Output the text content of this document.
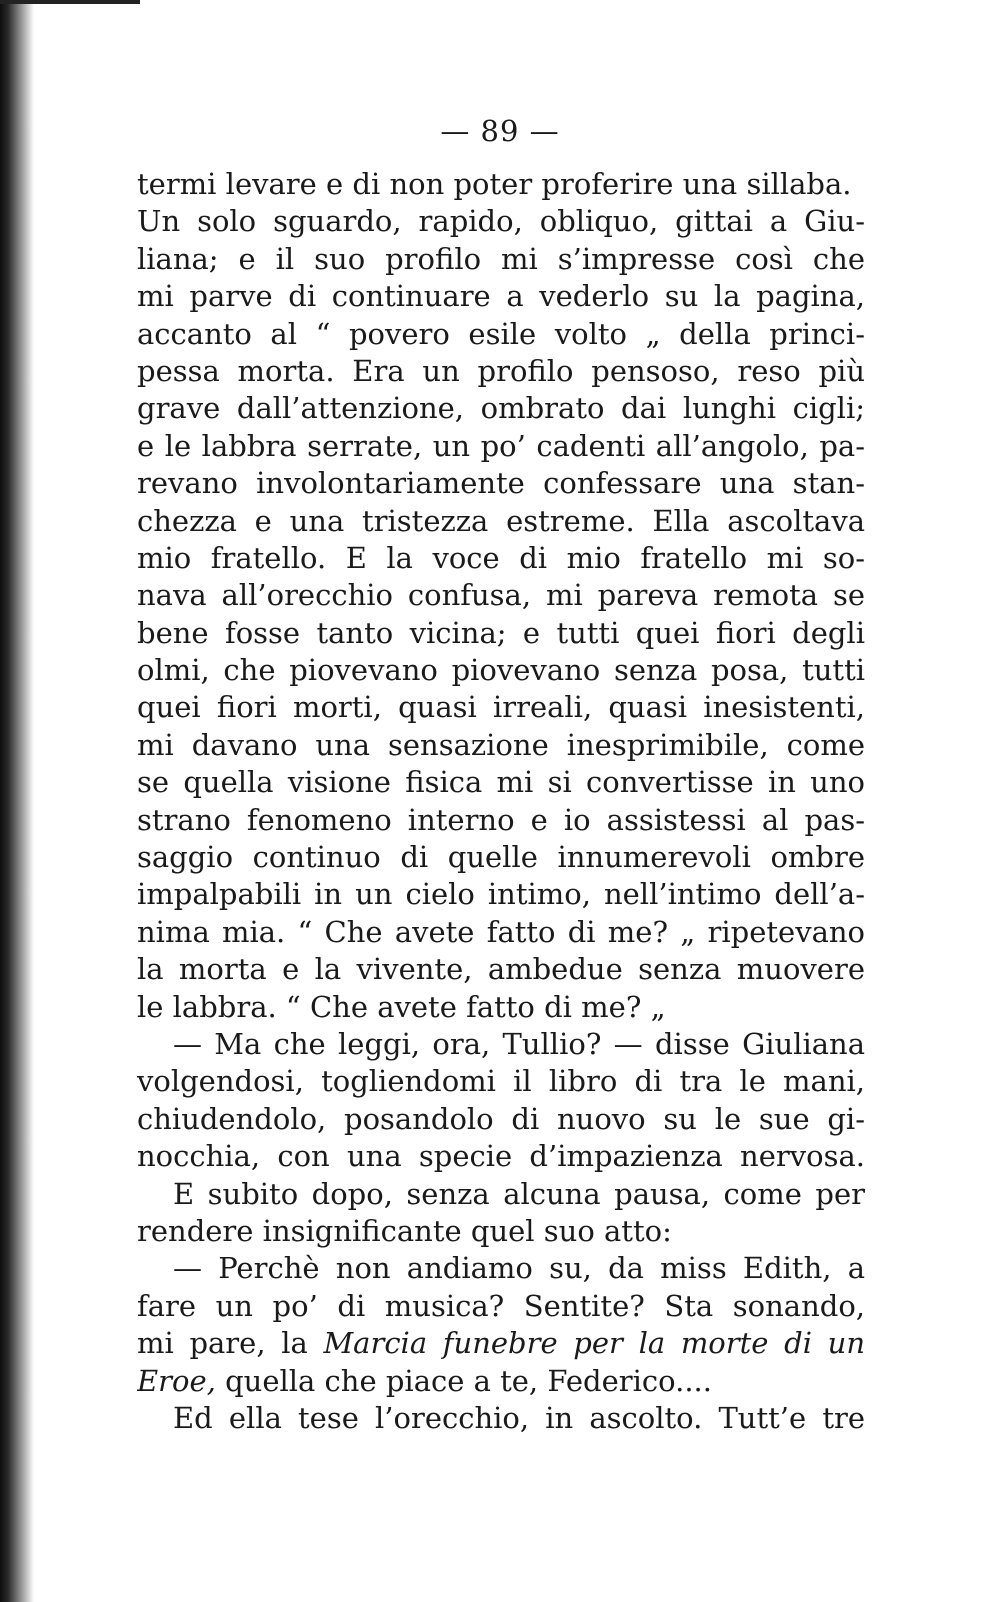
— 89 —
termi levare e di non poter proferire una sillaba.
Un solo sguardo, rapido, obliquo, gittai a Giu-
liana; e il suo profilo mi s’impresse così che
mi parve di continuare a vederlo su la pagina,
accanto al “ povero esile volto „ della princi-
pessa morta. Era un profilo pensoso, reso più
grave dall’attenzione, ombrato dai lunghi cigli;
e le labbra serrate, un po’ cadenti all’angolo, pa-
revano involontariamente confessare una stan-
chezza e una tristezza estreme. Ella ascoltava
mio fratello. E la voce di mio fratello mi so-
nava all’orecchio confusa, mi pareva remota se
bene fosse tanto vicina; e tutti quei fiori degli
olmi, che piovevano piovevano senza posa, tutti
quei fiori morti, quasi irreali, quasi inesistenti,
mi davano una sensazione inesprimibile, come
se quella visione fisica mi si convertisse in uno
strano fenomeno interno e io assistessi al pas-
saggio continuo di quelle innumerevoli ombre
impalpabili in un cielo intimo, nell’intimo dell’a-
nima mia. “ Che avete fatto di me? „ ripetevano
la morta e la vivente, ambedue senza muovere
le labbra. “ Che avete fatto di me? „
— Ma che leggi, ora, Tullio? — disse Giuliana
volgendosi, togliendomi il libro di tra le mani,
chiudendolo, posandolo di nuovo su le sue gi-
nocchia, con una specie d’impazienza nervosa.
E subito dopo, senza alcuna pausa, come per
rendere insignificante quel suo atto:
— Perchè non andiamo su, da miss Edith, a
fare un po’ di musica? Sentite? Sta sonando,
mi pare, la Marcia funebre per la morte di un
Eroe, quella che piace a te, Federico....
Ed ella tese l’orecchio, in ascolto. Tutt’e tre
